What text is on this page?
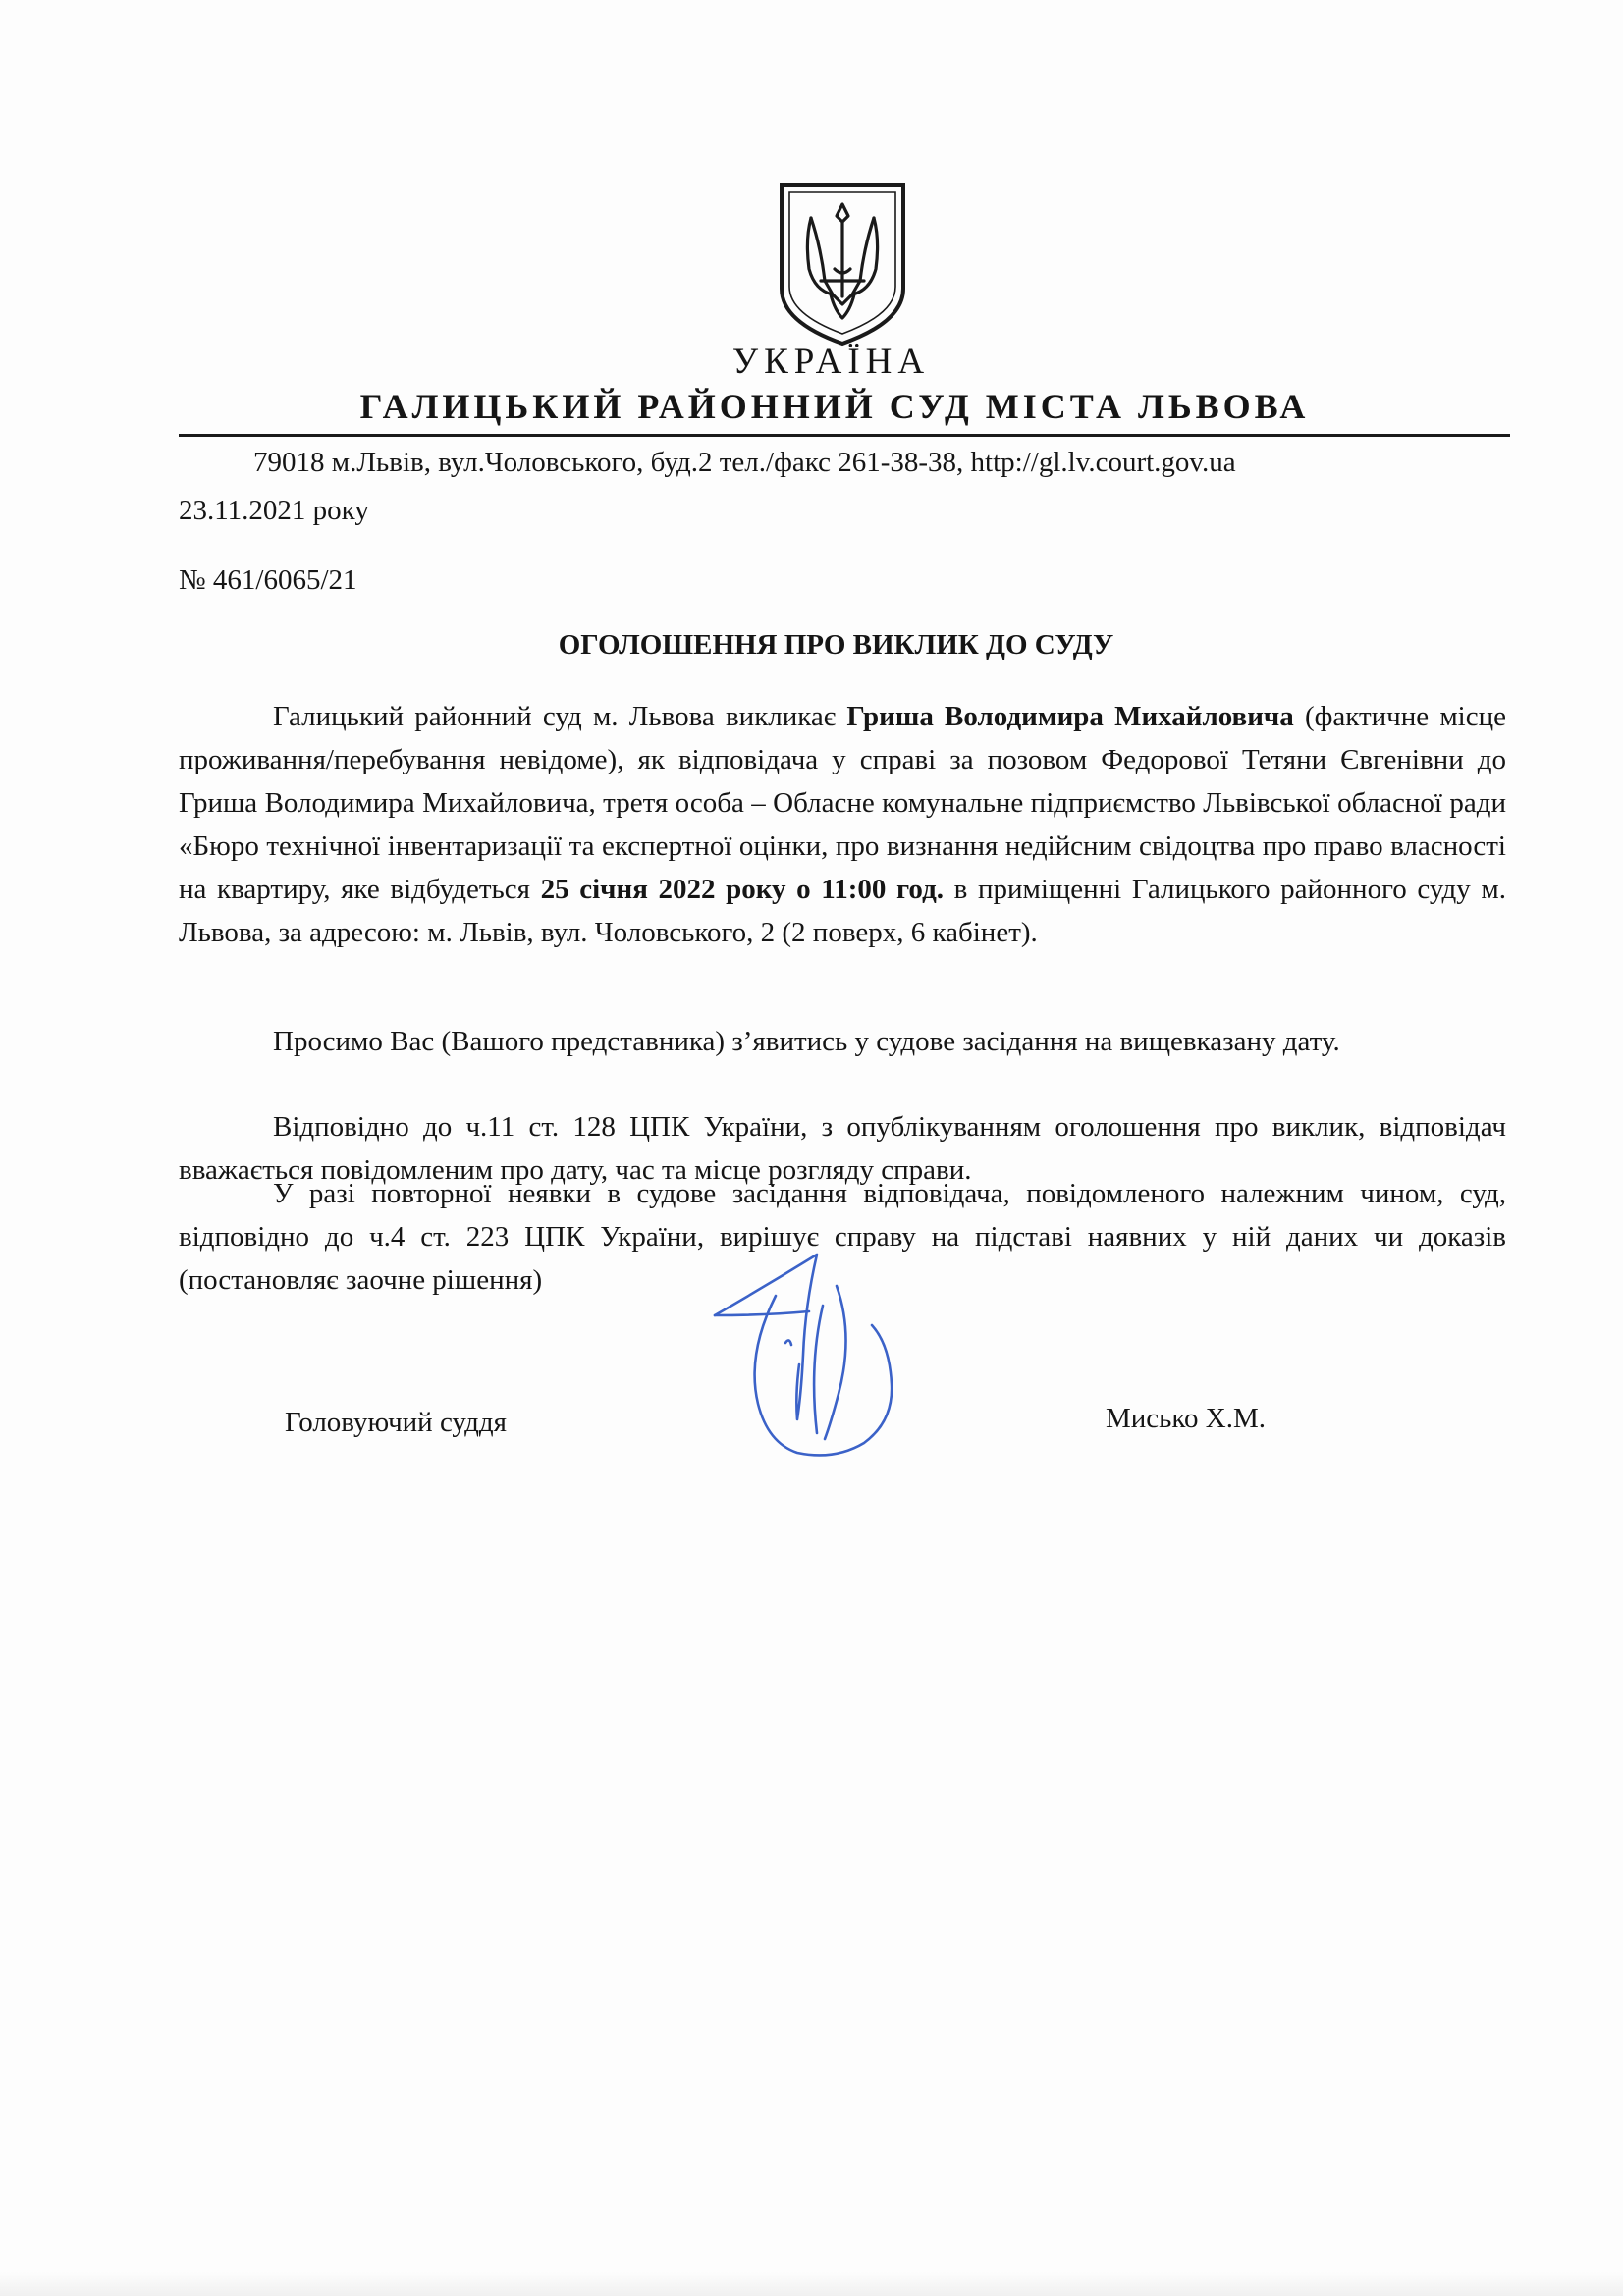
УКРАЇНА
ГАЛИЦЬКИЙ РАЙОННИЙ СУД МІСТА ЛЬВОВА
79018 м.Львів, вул.Чоловського, буд.2 тел./факс 261-38-38, http://gl.lv.court.gov.ua
23.11.2021 року
№ 461/6065/21
ОГОЛОШЕННЯ ПРО ВИКЛИК ДО СУДУ
Галицький районний суд м. Львова викликає Гриша Володимира Михайловича (фактичне місце проживання/перебування невідоме), як відповідача у справі за позовом Федорової Тетяни Євгенівни до Гриша Володимира Михайловича, третя особа – Обласне комунальне підприємство Львівської обласної ради «Бюро технічної інвентаризації та експертної оцінки, про визнання недійсним свідоцтва про право власності на квартиру, яке відбудеться 25 січня 2022 року о 11:00 год. в приміщенні Галицького районного суду м. Львова, за адресою: м. Львів, вул. Чоловського, 2 (2 поверх, 6 кабінет).
Просимо Вас (Вашого представника) з’явитись у судове засідання на вищевказану дату.
Відповідно до ч.11 ст. 128 ЦПК України, з опублікуванням оголошення про виклик, відповідач вважається повідомленим про дату, час та місце розгляду справи.
У разі повторної неявки в судове засідання відповідача, повідомленого належним чином, суд, відповідно до ч.4 ст. 223 ЦПК України, вирішує справу на підставі наявних у ній даних чи доказів (постановляє заочне рішення)
Головуючий суддя	Мисько Х.М.
